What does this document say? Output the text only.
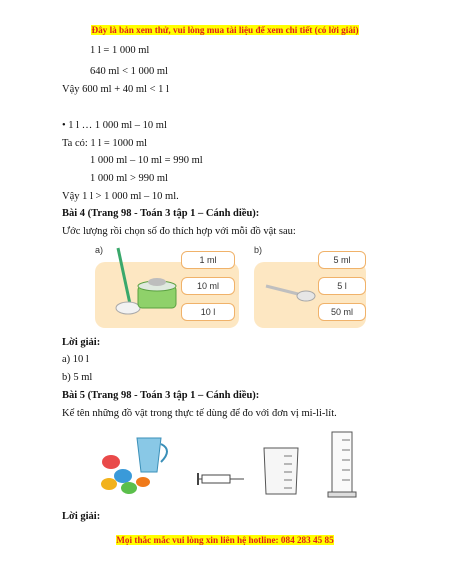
Đây là bản xem thử, vui lòng mua tài liệu để xem chi tiết (có lời giải)
1 l = 1 000 ml
640 ml < 1 000 ml
Vậy 600 ml + 40 ml < 1 l
• 1 l … 1 000 ml – 10 ml
Ta có: 1 l = 1000 ml
1 000 ml – 10 ml = 990 ml
1 000 ml > 990 ml
Vậy 1 l > 1 000 ml – 10 ml.
Bài 4 (Trang 98 - Toán 3 tập 1 – Cánh diều):
Ước lượng rồi chọn số đo thích hợp với mỗi đồ vật sau:
a)
1 ml
10 ml
10 l
b)
5 ml
5 l
50 ml
Lời giải:
a) 10 l
b) 5 ml
Bài 5 (Trang 98 - Toán 3 tập 1 – Cánh diều):
Kể tên những đồ vật trong thực tế dùng để đo với đơn vị mi-li-lít.
Lời giải:
Mọi thắc mắc vui lòng xin liên hệ hotline: 084 283 45 85
